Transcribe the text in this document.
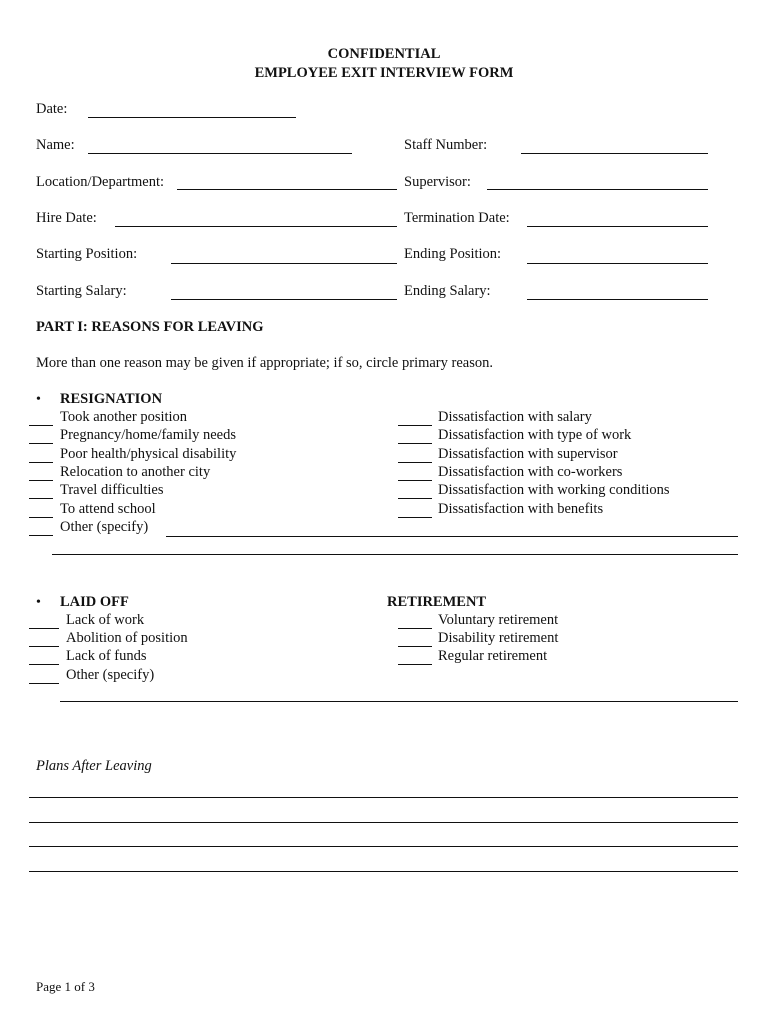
CONFIDENTIAL
EMPLOYEE EXIT INTERVIEW FORM
Date:
Name:	Staff Number:
Location/Department:	Supervisor:
Hire Date:	Termination Date:
Starting Position:	Ending Position:
Starting Salary:	Ending Salary:
PART I: REASONS FOR LEAVING
More than one reason may be given if appropriate; if so, circle primary reason.
• RESIGNATION
Took another position
Pregnancy/home/family needs
Poor health/physical disability
Relocation to another city
Travel difficulties
To attend school
Other (specify)
Dissatisfaction with salary
Dissatisfaction with type of work
Dissatisfaction with supervisor
Dissatisfaction with co-workers
Dissatisfaction with working conditions
Dissatisfaction with benefits
• LAID OFF
Lack of work
Abolition of position
Lack of funds
Other (specify)
RETIREMENT
Voluntary retirement
Disability retirement
Regular retirement
Plans After Leaving
Page 1 of 3
